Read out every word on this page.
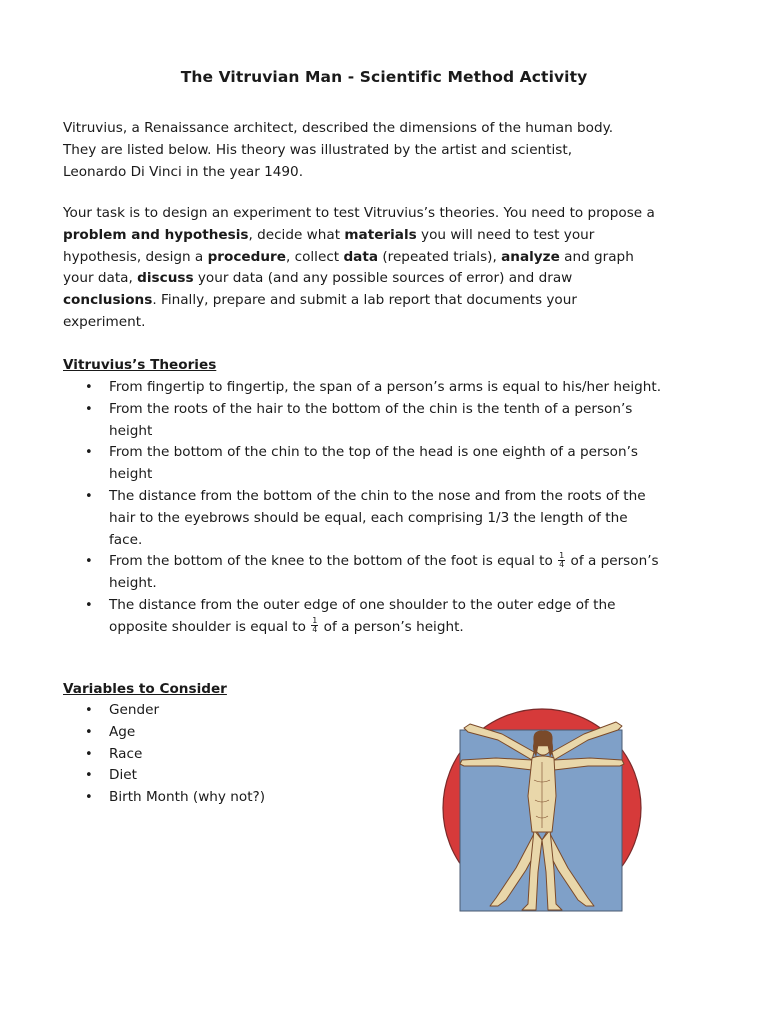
The Vitruvian Man - Scientific Method Activity

Vitruvius, a Renaissance architect, described the dimensions of the human body.
They are listed below. His theory was illustrated by the artist and scientist,
Leonardo Di Vinci in the year 1490.

Your task is to design an experiment to test Vitruvius’s theories. You need to propose a problem and hypothesis, decide what materials you will need to test your hypothesis, design a procedure, collect data (repeated trials), analyze and graph your data, discuss your data (and any possible sources of error) and draw conclusions. Finally, prepare and submit a lab report that documents your experiment.

Vitruvius’s Theories
• From fingertip to fingertip, the span of a person’s arms is equal to his/her height.
• From the roots of the hair to the bottom of the chin is the tenth of a person’s height
• From the bottom of the chin to the top of the head is one eighth of a person’s height
• The distance from the bottom of the chin to the nose and from the roots of the hair to the eyebrows should be equal, each comprising 1/3 the length of the face.
• From the bottom of the knee to the bottom of the foot is equal to $\frac{1}{4}$ of a person’s height.
• The distance from the outer edge of one shoulder to the outer edge of the opposite shoulder is equal to $\frac{1}{4}$ of a person’s height.
Variables to Consider
• Gender
• Age
• Race
• Diet
• Birth Month (why not?)
